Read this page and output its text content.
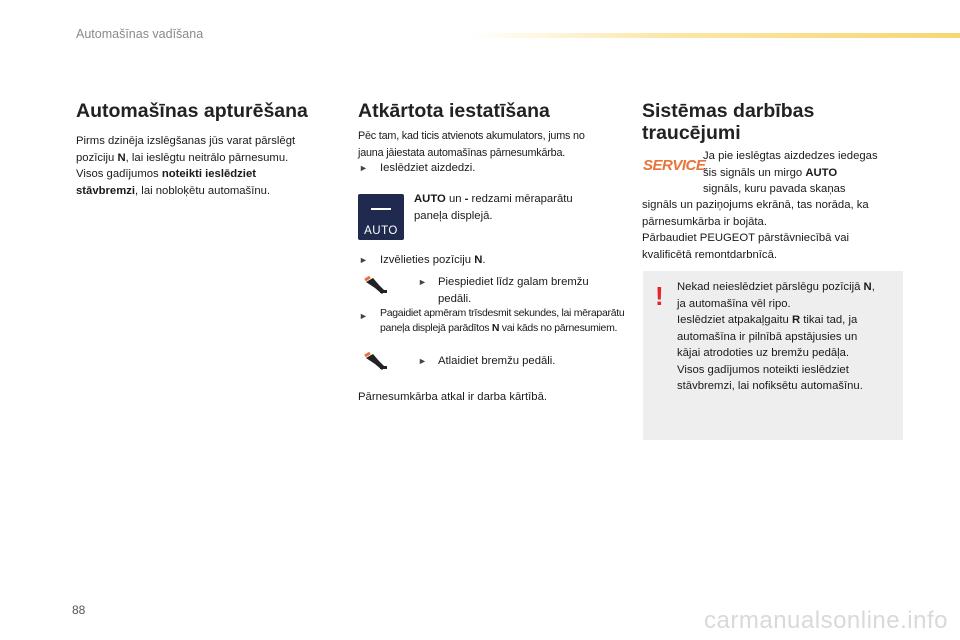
Automašīnas vadīšana
Automašīnas apturēšana

Pirms dzinēja izslēgšanas jūs varat pārslēgt

pozīciju N, lai ieslēgtu neitrālo pārnesumu.

Visos gadījumos noteikti ieslēdziet

stāvbremzi, lai nobloķētu automašīnu.

Atkārtota iestatīšana

Pēc tam, kad ticis atvienots akumulators, jums no
jauna jāiestata automašīnas pārnesumkārba.

► Ieslēdziet aizdedzi.

AUTO

AUTO un - redzami mēraparātu
paneļa displejā.

► Izvēlieties pozīciju N.

► Piespiediet līdz galam bremžu
pedāli.

► Pagaidiet apmēram trīsdesmit sekundes, lai mēraparātu
paneļa displejā parādītos N vai kāds no pārnesumiem.

► Atlaidiet bremžu pedāli.

Pārnesumkārba atkal ir darba kārtībā.

Sistēmas darbības
traucējumi
SERVICE

Ja pie ieslēgtas aizdedzes iedegas
šis signāls un mirgo AUTO
signāls, kuru pavada skaņas

signāls un paziņojums ekrānā, tas norāda, ka
pārnesumkārba ir bojāta.
Pārbaudiet PEUGEOT pārstāvniecībā vai
kvalificētā remontdarbnīcā.

! Nekad neieslēdziet pārslēgu pozīcijā N,
ja automašīna vēl ripo.
Ieslēdziet atpakaļgaitu R tikai tad, ja
automašīna ir pilnībā apstājusies un
kājai atrodoties uz bremžu pedāļa.
Visos gadījumos noteikti ieslēdziet
stāvbremzi, lai nofiksētu automašīnu.

88	carmanualsonline.info
